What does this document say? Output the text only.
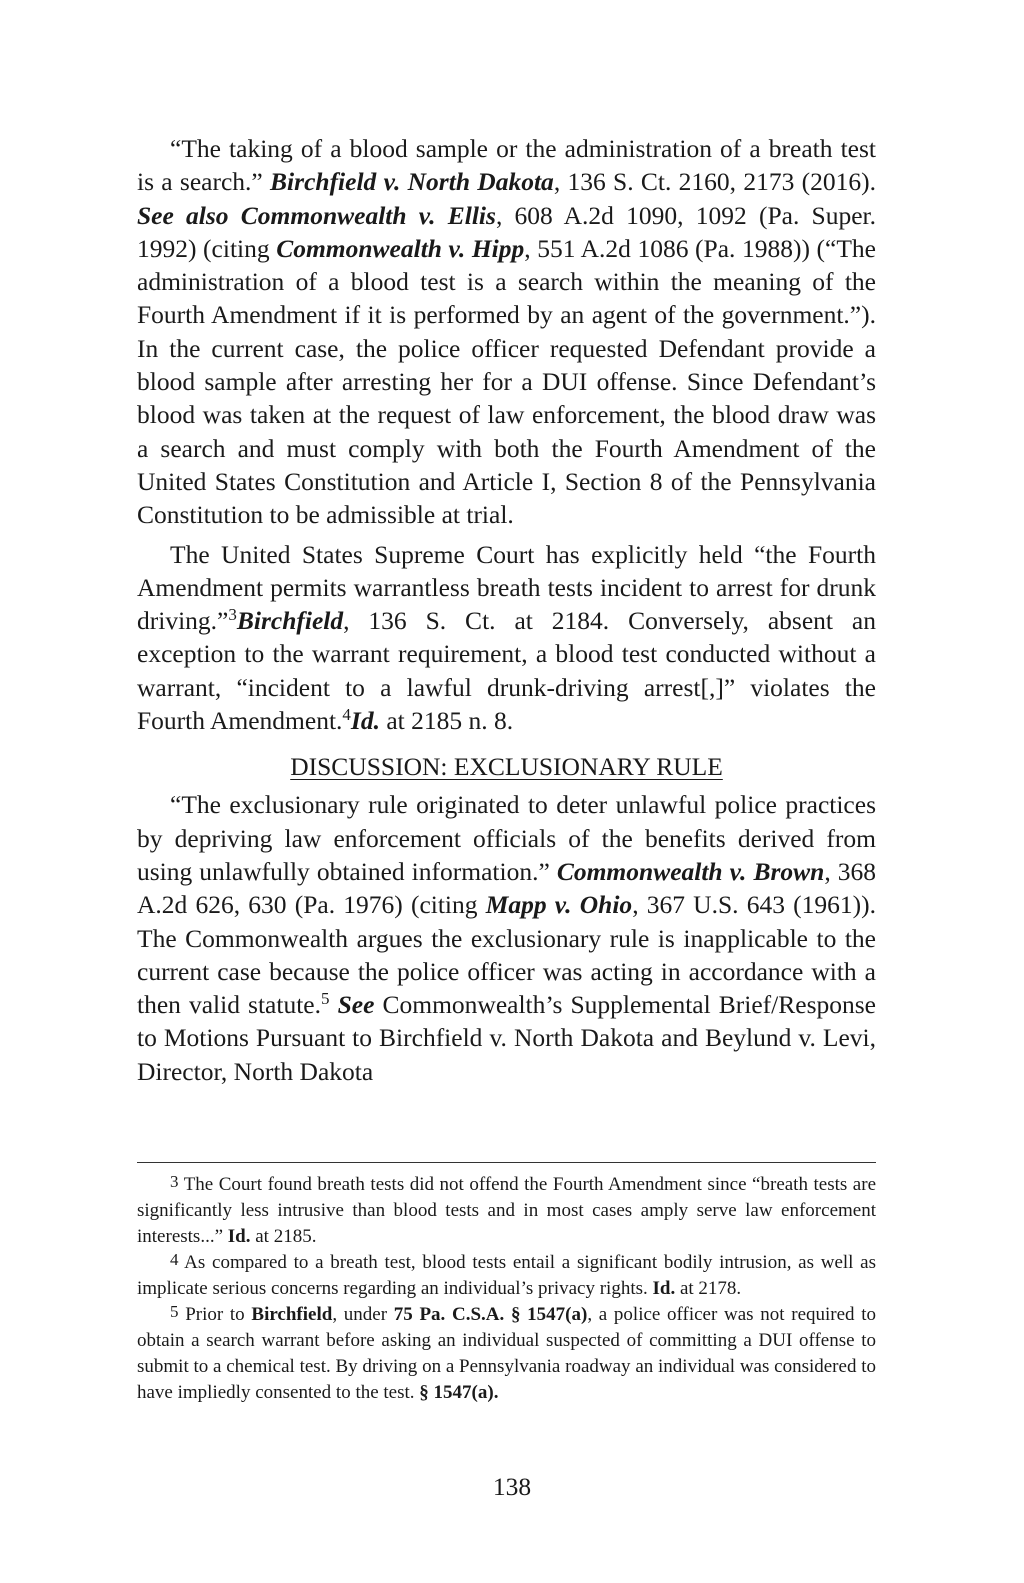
“The taking of a blood sample or the administration of a breath test is a search.” Birchfield v. North Dakota, 136 S. Ct. 2160, 2173 (2016). See also Commonwealth v. Ellis, 608 A.2d 1090, 1092 (Pa. Super. 1992) (citing Commonwealth v. Hipp, 551 A.2d 1086 (Pa. 1988)) (“The administration of a blood test is a search within the meaning of the Fourth Amendment if it is performed by an agent of the government.”). In the current case, the police officer requested Defendant provide a blood sample after arresting her for a DUI offense. Since Defendant’s blood was taken at the request of law enforcement, the blood draw was a search and must comply with both the Fourth Amendment of the United States Constitution and Article I, Section 8 of the Pennsylvania Constitution to be admissible at trial.

The United States Supreme Court has explicitly held “the Fourth Amendment permits warrantless breath tests incident to arrest for drunk driving.”$^3$Birchfield, 136 S. Ct. at 2184. Conversely, absent an exception to the warrant requirement, a blood test conducted without a warrant, “incident to a lawful drunk-driving arrest[,]” violates the Fourth Amendment.$^4$Id. at 2185 n. 8.

DISCUSSION: EXCLUSIONARY RULE

“The exclusionary rule originated to deter unlawful police practices by depriving law enforcement officials of the benefits derived from using unlawfully obtained information.” Commonwealth v. Brown, 368 A.2d 626, 630 (Pa. 1976) (citing Mapp v. Ohio, 367 U.S. 643 (1961)). The Commonwealth argues the exclusionary rule is inapplicable to the current case because the police officer was acting in accordance with a then valid statute.$^5$ See Commonwealth’s Supplemental Brief/Response to Motions Pursuant to Birchfield v. North Dakota and Beylund v. Levi, Director, North Dakota

$^3$ The Court found breath tests did not offend the Fourth Amendment since “breath tests are significantly less intrusive than blood tests and in most cases amply serve law enforcement interests...” Id. at 2185.

$^4$ As compared to a breath test, blood tests entail a significant bodily intrusion, as well as implicate serious concerns regarding an individual’s privacy rights. Id. at 2178.

$^5$ Prior to Birchfield, under 75 Pa. C.S.A. § 1547(a), a police officer was not required to obtain a search warrant before asking an individual suspected of committing a DUI offense to submit to a chemical test. By driving on a Pennsylvania roadway an individual was considered to have impliedly consented to the test. § 1547(a).

138
